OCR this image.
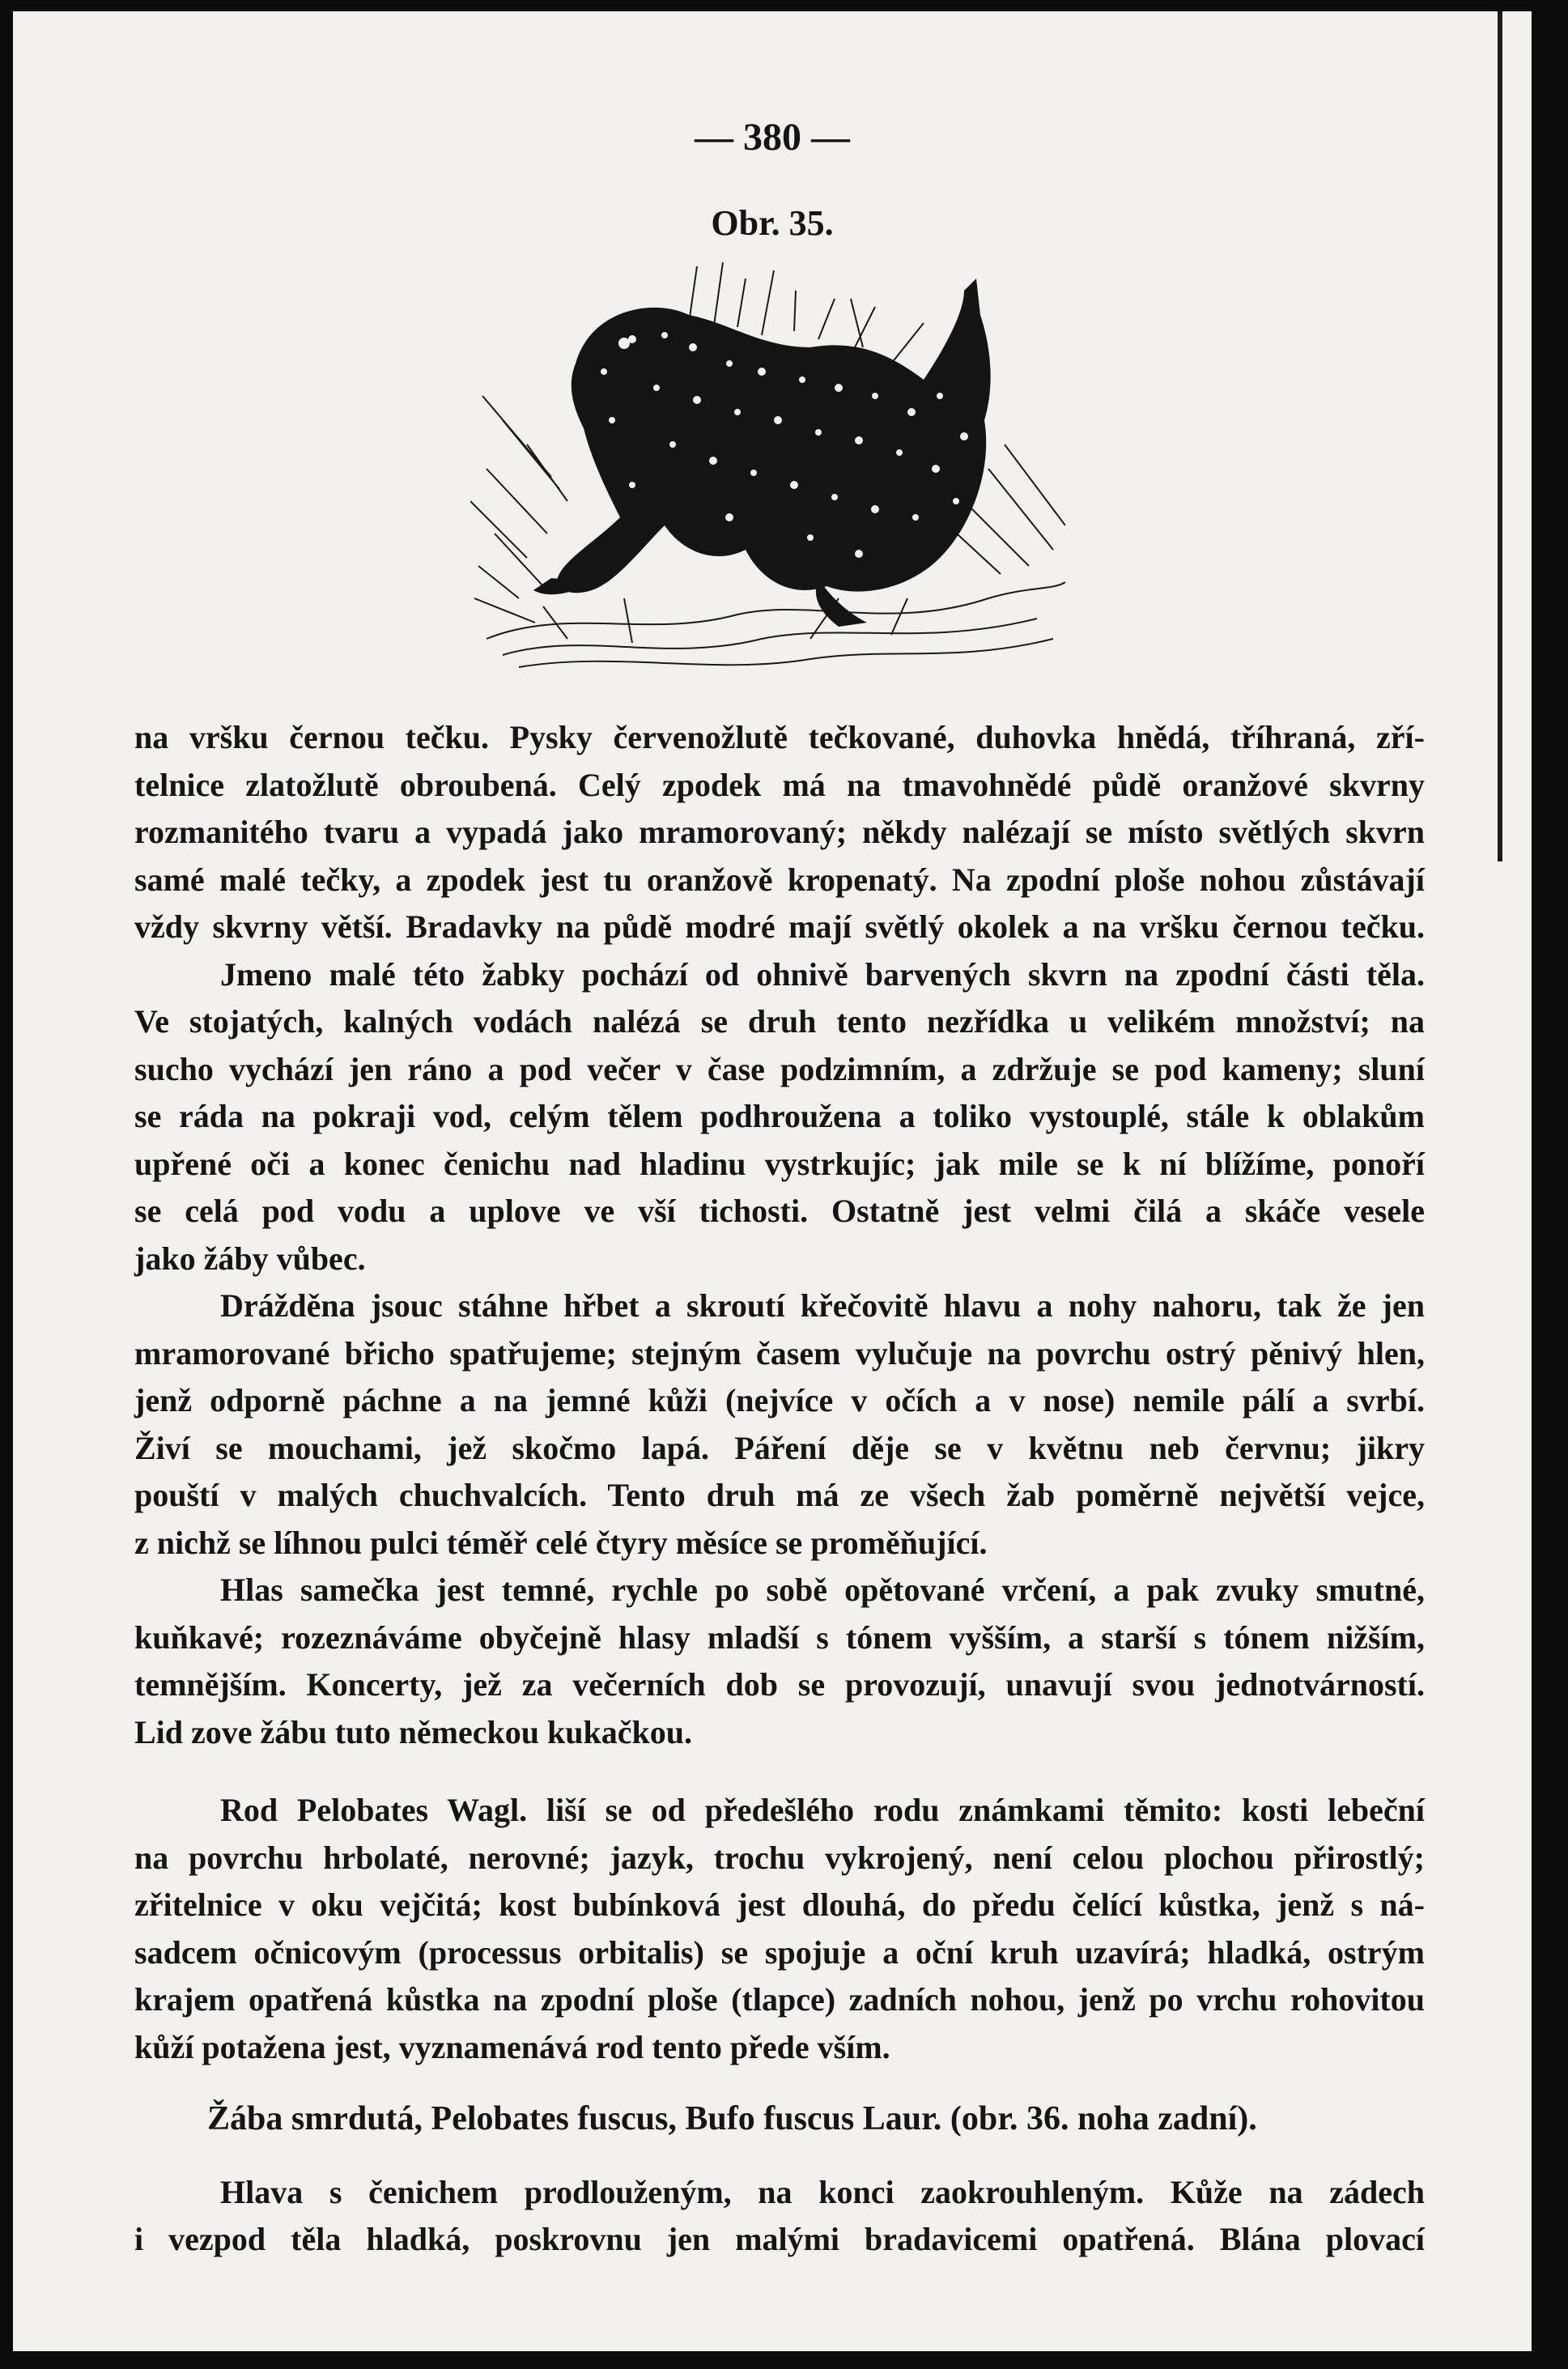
— 380 —
Obr. 35.

na vršku černou tečku. Pysky červenožlutě tečkované, duhovka hnědá, tříhraná, zří-

telnice zlatožlutě obroubená. Celý zpodek má na tmavohnědé půdě oranžové skvrny

rozmanitého tvaru a vypadá jako mramorovaný; někdy nalézají se místo světlých skvrn

samé malé tečky, a zpodek jest tu oranžově kropenatý. Na zpodní ploše nohou zůstávají

vždy skvrny větší. Bradavky na půdě modré mají světlý okolek a na vršku černou tečku.

Jmeno malé této žabky pochází od ohnivě barvených skvrn na zpodní části těla.

Ve stojatých, kalných vodách nalézá se druh tento nezřídka u velikém množství; na

sucho vychází jen ráno a pod večer v čase podzimním, a zdržuje se pod kameny; sluní

se ráda na pokraji vod, celým tělem podhroužena a toliko vystouplé, stále k oblakům

upřené oči a konec čenichu nad hladinu vystrkujíc; jak mile se k ní blížíme, ponoří

se celá pod vodu a uplove ve vší tichosti. Ostatně jest velmi čilá a skáče vesele

jako žáby vůbec.

Drážděna jsouc stáhne hřbet a skroutí křečovitě hlavu a nohy nahoru, tak že jen

mramorované břicho spatřujeme; stejným časem vylučuje na povrchu ostrý pěnivý hlen,

jenž odporně páchne a na jemné kůži (nejvíce v očích a v nose) nemile pálí a svrbí.

Živí se mouchami, jež skočmo lapá. Páření děje se v květnu neb červnu; jikry

pouští v malých chuchvalcích. Tento druh má ze všech žab poměrně největší vejce,

z nichž se líhnou pulci téměř celé čtyry měsíce se proměňující.

Hlas samečka jest temné, rychle po sobě opětované vrčení, a pak zvuky smutné,

kuňkavé; rozeznáváme obyčejně hlasy mladší s tónem vyšším, a starší s tónem nižším,

temnějším. Koncerty, jež za večerních dob se provozují, unavují svou jednotvárností.

Lid zove žábu tuto německou kukačkou.

Rod Pelobates Wagl. liší se od předešlého rodu známkami těmito: kosti lebeční

na povrchu hrbolaté, nerovné; jazyk, trochu vykrojený, není celou plochou přirostlý;

zřitelnice v oku vejčitá; kost bubínková jest dlouhá, do předu čelící kůstka, jenž s ná-

sadcem očnicovým (processus orbitalis) se spojuje a oční kruh uzavírá; hladká, ostrým

krajem opatřená kůstka na zpodní ploše (tlapce) zadních nohou, jenž po vrchu rohovitou

kůží potažena jest, vyznamenává rod tento přede vším.

Žába smrdutá, Pelobates fuscus, Bufo fuscus Laur. (obr. 36. noha zadní).

Hlava s čenichem prodlouženým, na konci zaokrouhleným. Kůže na zádech

i vezpod těla hladká, poskrovnu jen malými bradavicemi opatřená. Blána plovací
